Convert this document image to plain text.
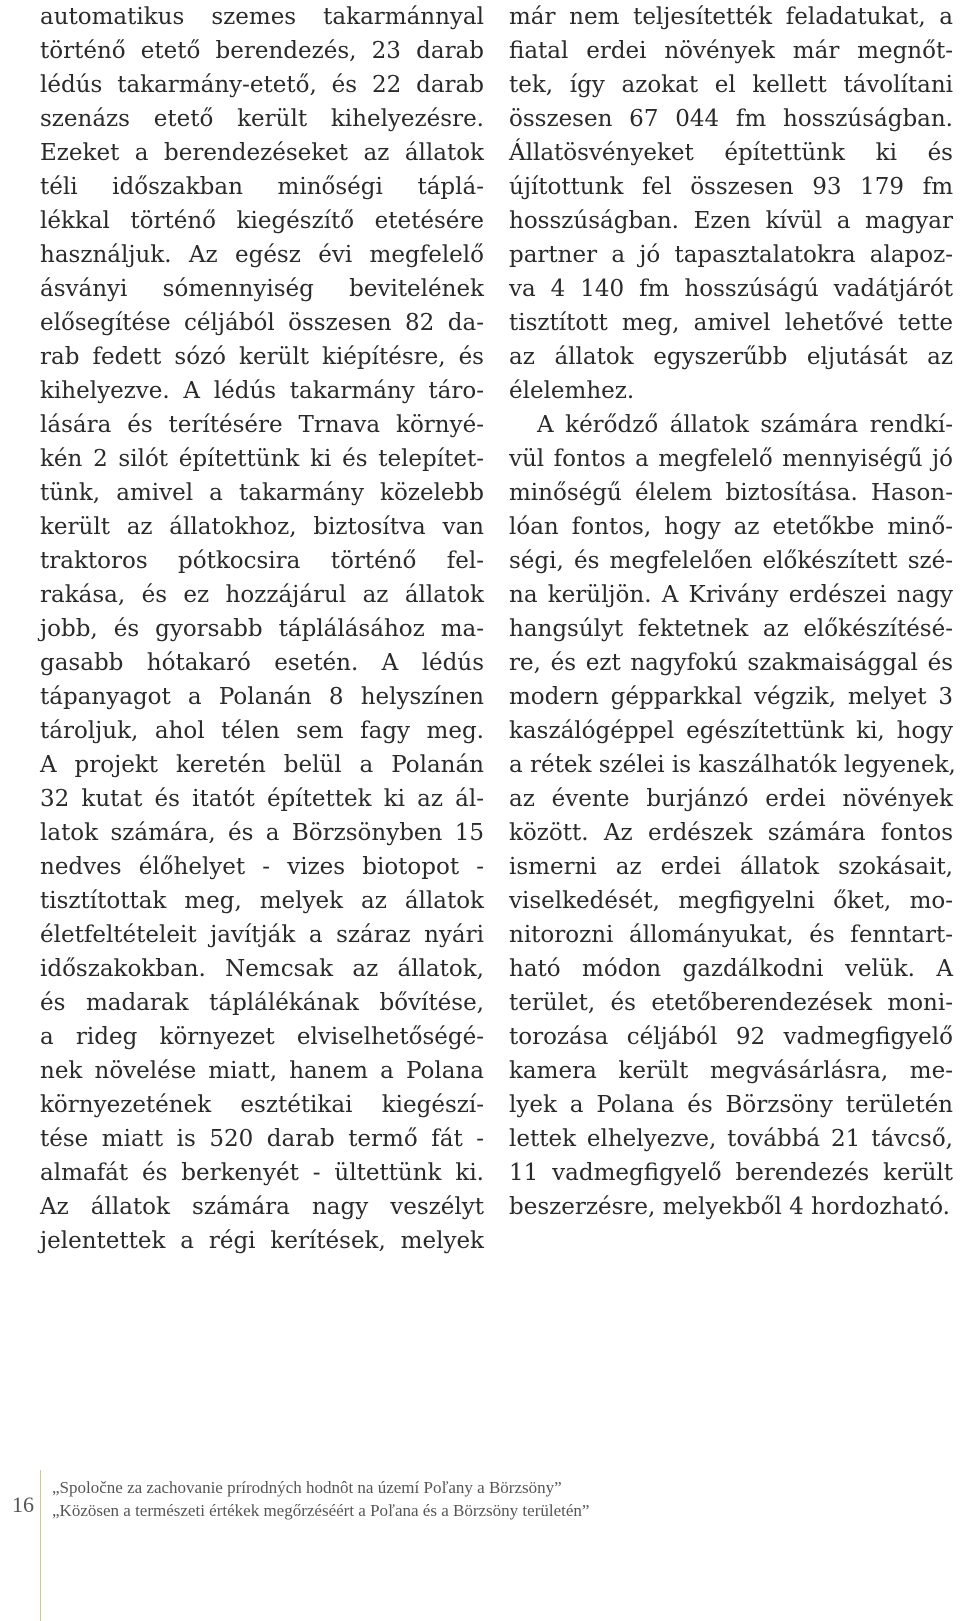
automatikus szemes takarmánnyal
történő etető berendezés, 23 darab
lédús takarmány-etető, és 22 darab
szenázs etető került kihelyezésre.
Ezeket a berendezéseket az állatok
téli időszakban minőségi táplá-
lékkal történő kiegészítő etetésére
használjuk. Az egész évi megfelelő
ásványi sómennyiség bevitelének
elősegítése céljából összesen 82 da-
rab fedett sózó került kiépítésre, és
kihelyezve. A lédús takarmány táro-
lására és terítésére Trnava környé-
kén 2 silót építettünk ki és telepítet-
tünk, amivel a takarmány közelebb
került az állatokhoz, biztosítva van
traktoros pótkocsira történő fel-
rakása, és ez hozzájárul az állatok
jobb, és gyorsabb táplálásához ma-
gasabb hótakaró esetén. A lédús
tápanyagot a Polanán 8 helyszínen
tároljuk, ahol télen sem fagy meg.
A projekt keretén belül a Polanán
32 kutat és itatót építettek ki az ál-
latok számára, és a Börzsönyben 15
nedves élőhelyet - vizes biotopot -
tisztítottak meg, melyek az állatok
életfeltételeit javítják a száraz nyári
időszakokban. Nemcsak az állatok,
és madarak táplálékának bővítése,
a rideg környezet elviselhetőségé-
nek növelése miatt, hanem a Polana
környezetének esztétikai kiegészí-
tése miatt is 520 darab termő fát -
almafát és berkenyét - ültettünk ki.
Az állatok számára nagy veszélyt
jelentettek a régi kerítések, melyek
már nem teljesítették feladatukat, a
fiatal erdei növények már megnőt-
tek, így azokat el kellett távolítani
összesen 67 044 fm hosszúságban.
Állatösvényeket építettünk ki és
újítottunk fel összesen 93 179 fm
hosszúságban. Ezen kívül a magyar
partner a jó tapasztalatokra alapoz-
va 4 140 fm hosszúságú vadátjárót
tisztított meg, amivel lehetővé tette
az állatok egyszerűbb eljutását az
élelemhez.
A kérődző állatok számára rendkí-
vül fontos a megfelelő mennyiségű jó
minőségű élelem biztosítása. Hason-
lóan fontos, hogy az etetőkbe minő-
ségi, és megfelelően előkészített szé-
na kerüljön. A Krivány erdészei nagy
hangsúlyt fektetnek az előkészítésé-
re, és ezt nagyfokú szakmaisággal és
modern gépparkkal végzik, melyet 3
kaszálógéppel egészítettünk ki, hogy
a rétek szélei is kaszálhatók legyenek,
az évente burjánzó erdei növények
között. Az erdészek számára fontos
ismerni az erdei állatok szokásait,
viselkedését, megfigyelni őket, mo-
nitorozni állományukat, és fenntart-
ható módon gazdálkodni velük. A
terület, és etetőberendezések moni-
torozása céljából 92 vadmegfigyelő
kamera került megvásárlásra, me-
lyek a Polana és Börzsöny területén
lettek elhelyezve, továbbá 21 távcső,
11 vadmegfigyelő berendezés került
beszerzésre, melyekből 4 hordozható.
16
„Spoločne za zachovanie prírodných hodnôt na území Poľany a Börzsöny”
„Közösen a természeti értékek megőrzéséért a Poľana és a Börzsöny területén”
